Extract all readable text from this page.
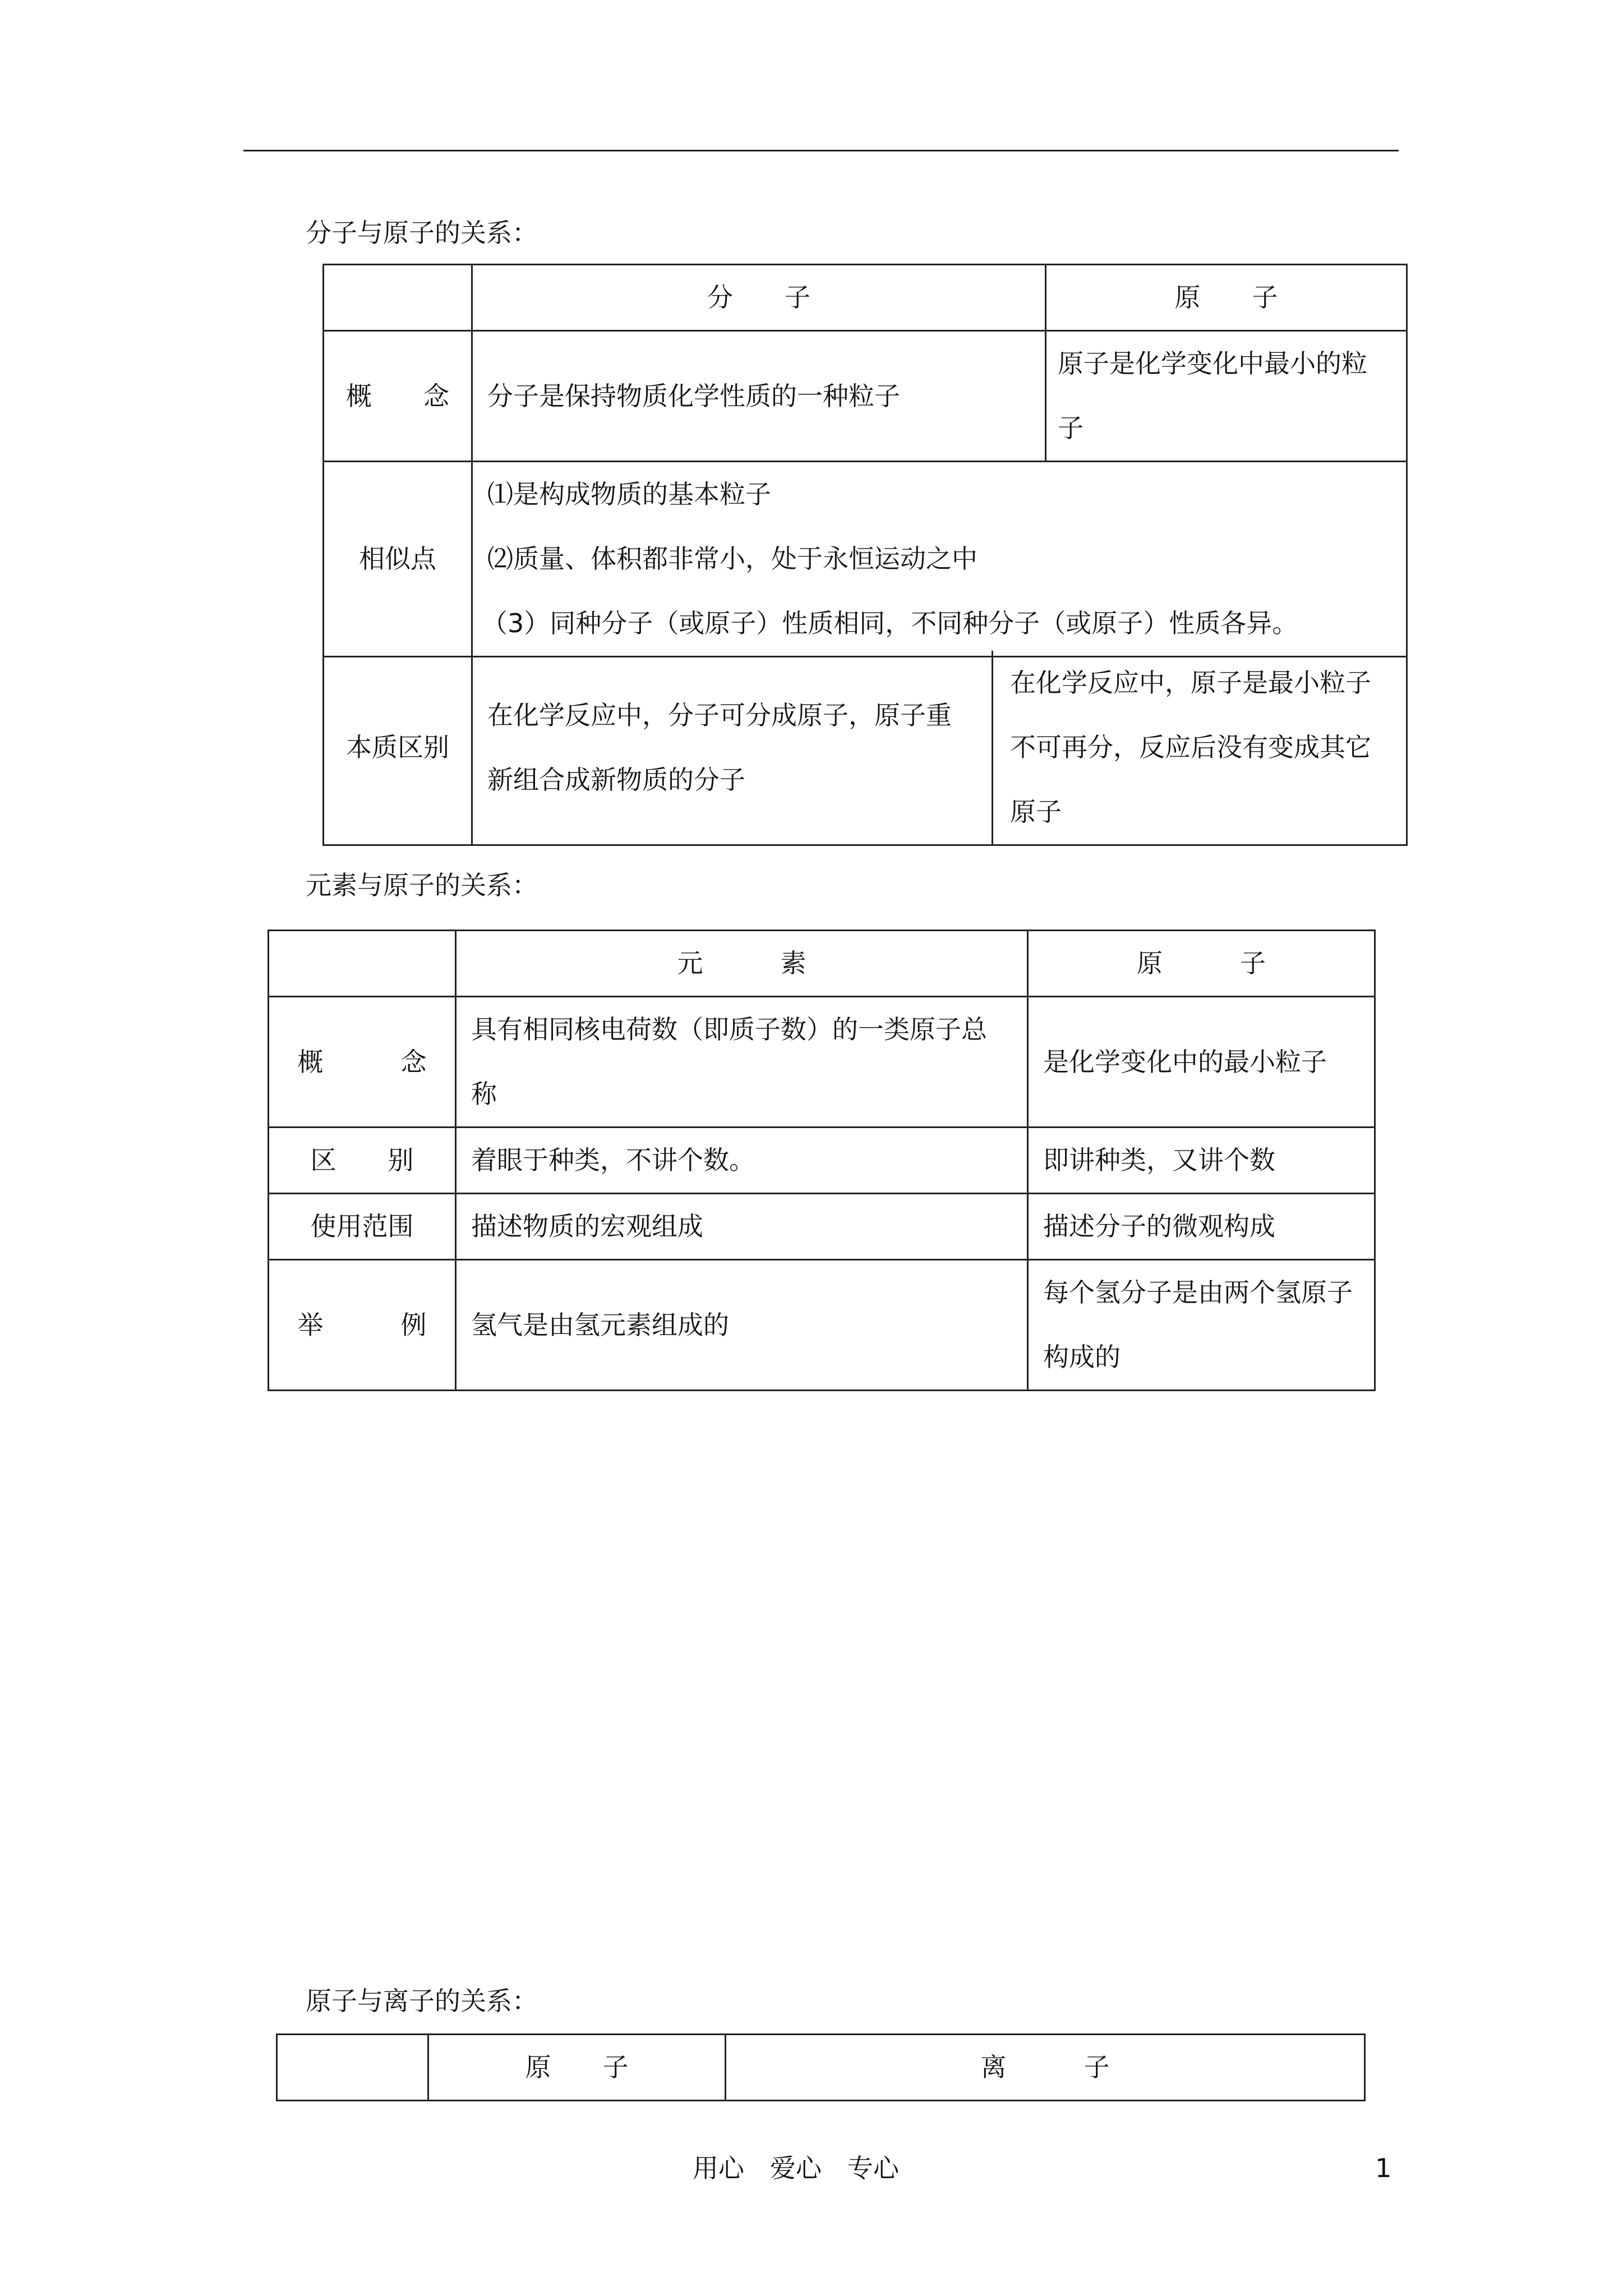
分子与原子的关系：
	分　　子	原　　子
概　　念	分子是保持物质化学性质的一种粒子	原子是化学变化中最小的粒子
相似点	⑴是构成物质的基本粒子
⑵质量、体积都非常小，处于永恒运动之中
（3）同种分子（或原子）性质相同，不同种分子（或原子）性质各异。	
本质区别	在化学反应中，分子可分成原子，原子重新组合成新物质的分子	在化学反应中，原子是最小粒子不可再分，反应后没有变成其它原子
元素与原子的关系：
	元　　　素	原　　　子
概　　　念	具有相同核电荷数（即质子数）的一类原子总称	是化学变化中的最小粒子
区　　别	着眼于种类，不讲个数。	即讲种类，又讲个数
使用范围	描述物质的宏观组成	描述分子的微观构成
举　　　例	氢气是由氢元素组成的	每个氢分子是由两个氢原子构成的
原子与离子的关系：
	原　　子	离　　　子
用心　爱心　专心	1
